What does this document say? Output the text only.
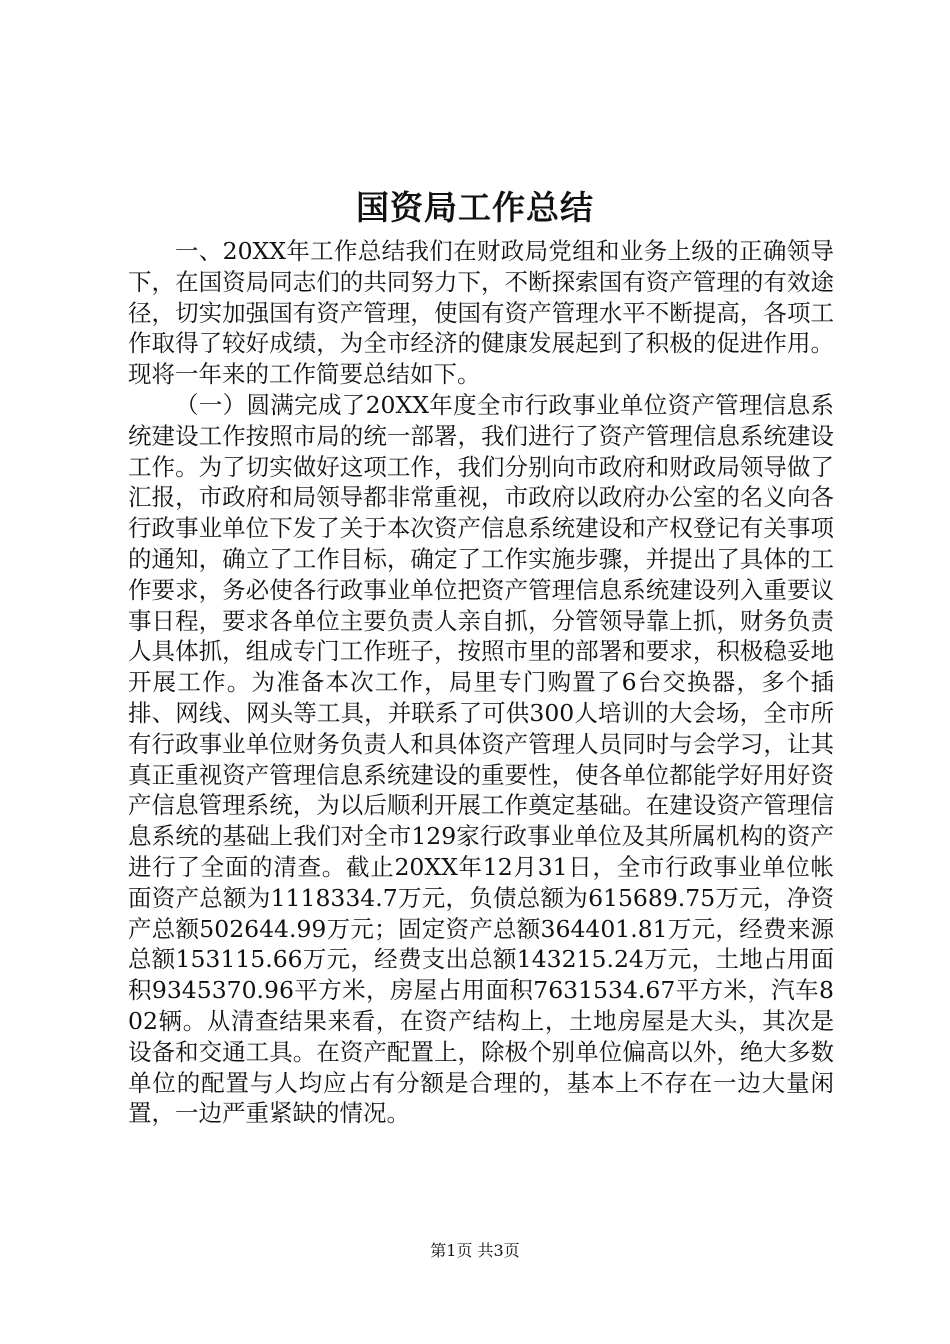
国资局工作总结

一、20XX年工作总结我们在财政局党组和业务上级的正确领导下，在国资局同志们的共同努力下，不断探索国有资产管理的有效途径，切实加强国有资产管理，使国有资产管理水平不断提高，各项工作取得了较好成绩，为全市经济的健康发展起到了积极的促进作用。现将一年来的工作简要总结如下。

（一）圆满完成了20XX年度全市行政事业单位资产管理信息系统建设工作按照市局的统一部署，我们进行了资产管理信息系统建设工作。为了切实做好这项工作，我们分别向市政府和财政局领导做了汇报，市政府和局领导都非常重视，市政府以政府办公室的名义向各行政事业单位下发了关于本次资产信息系统建设和产权登记有关事项的通知，确立了工作目标，确定了工作实施步骤，并提出了具体的工作要求，务必使各行政事业单位把资产管理信息系统建设列入重要议事日程，要求各单位主要负责人亲自抓，分管领导靠上抓，财务负责人具体抓，组成专门工作班子，按照市里的部署和要求，积极稳妥地开展工作。为准备本次工作，局里专门购置了6台交换器，多个插排、网线、网头等工具，并联系了可供300人培训的大会场，全市所有行政事业单位财务负责人和具体资产管理人员同时与会学习，让其真正重视资产管理信息系统建设的重要性，使各单位都能学好用好资产信息管理系统，为以后顺利开展工作奠定基础。在建设资产管理信息系统的基础上我们对全市129家行政事业单位及其所属机构的资产进行了全面的清查。截止20XX年12月31日，全市行政事业单位帐面资产总额为1118334.7万元，负债总额为615689.75万元，净资产总额502644.99万元；固定资产总额364401.81万元，经费来源总额153115.66万元，经费支出总额143215.24万元，土地占用面积9345370.96平方米，房屋占用面积7631534.67平方米，汽车802辆。从清查结果来看，在资产结构上，土地房屋是大头，其次是设备和交通工具。在资产配置上，除极个别单位偏高以外，绝大多数单位的配置与人均应占有分额是合理的，基本上不存在一边大量闲置，一边严重紧缺的情况。

第1页 共3页
